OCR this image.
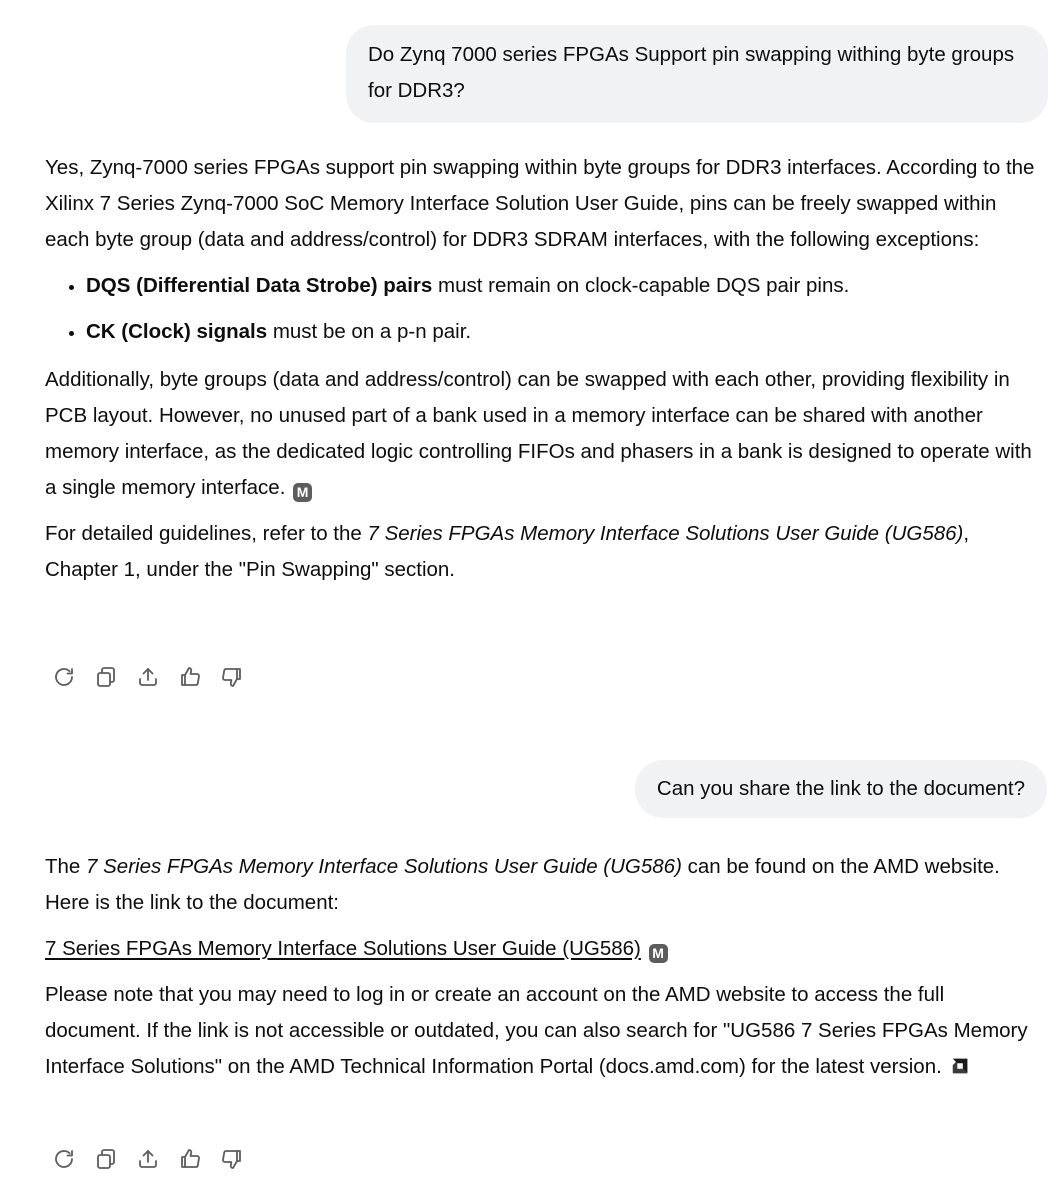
Do Zynq 7000 series FPGAs Support pin swapping withing byte groups for DDR3?

Yes, Zynq-7000 series FPGAs support pin swapping within byte groups for DDR3 interfaces. According to the Xilinx 7 Series Zynq-7000 SoC Memory Interface Solution User Guide, pins can be freely swapped within each byte group (data and address/control) for DDR3 SDRAM interfaces, with the following exceptions:

• DQS (Differential Data Strobe) pairs must remain on clock-capable DQS pair pins.
• CK (Clock) signals must be on a p-n pair.

Additionally, byte groups (data and address/control) can be swapped with each other, providing flexibility in PCB layout. However, no unused part of a bank used in a memory interface can be shared with another memory interface, as the dedicated logic controlling FIFOs and phasers in a bank is designed to operate with a single memory interface. M

For detailed guidelines, refer to the 7 Series FPGAs Memory Interface Solutions User Guide (UG586), Chapter 1, under the "Pin Swapping" section.

Can you share the link to the document?

The 7 Series FPGAs Memory Interface Solutions User Guide (UG586) can be found on the AMD website. Here is the link to the document:

7 Series FPGAs Memory Interface Solutions User Guide (UG586) M

Please note that you may need to log in or create an account on the AMD website to access the full document. If the link is not accessible or outdated, you can also search for "UG586 7 Series FPGAs Memory Interface Solutions" on the AMD Technical Information Portal (docs.amd.com) for the latest version.
